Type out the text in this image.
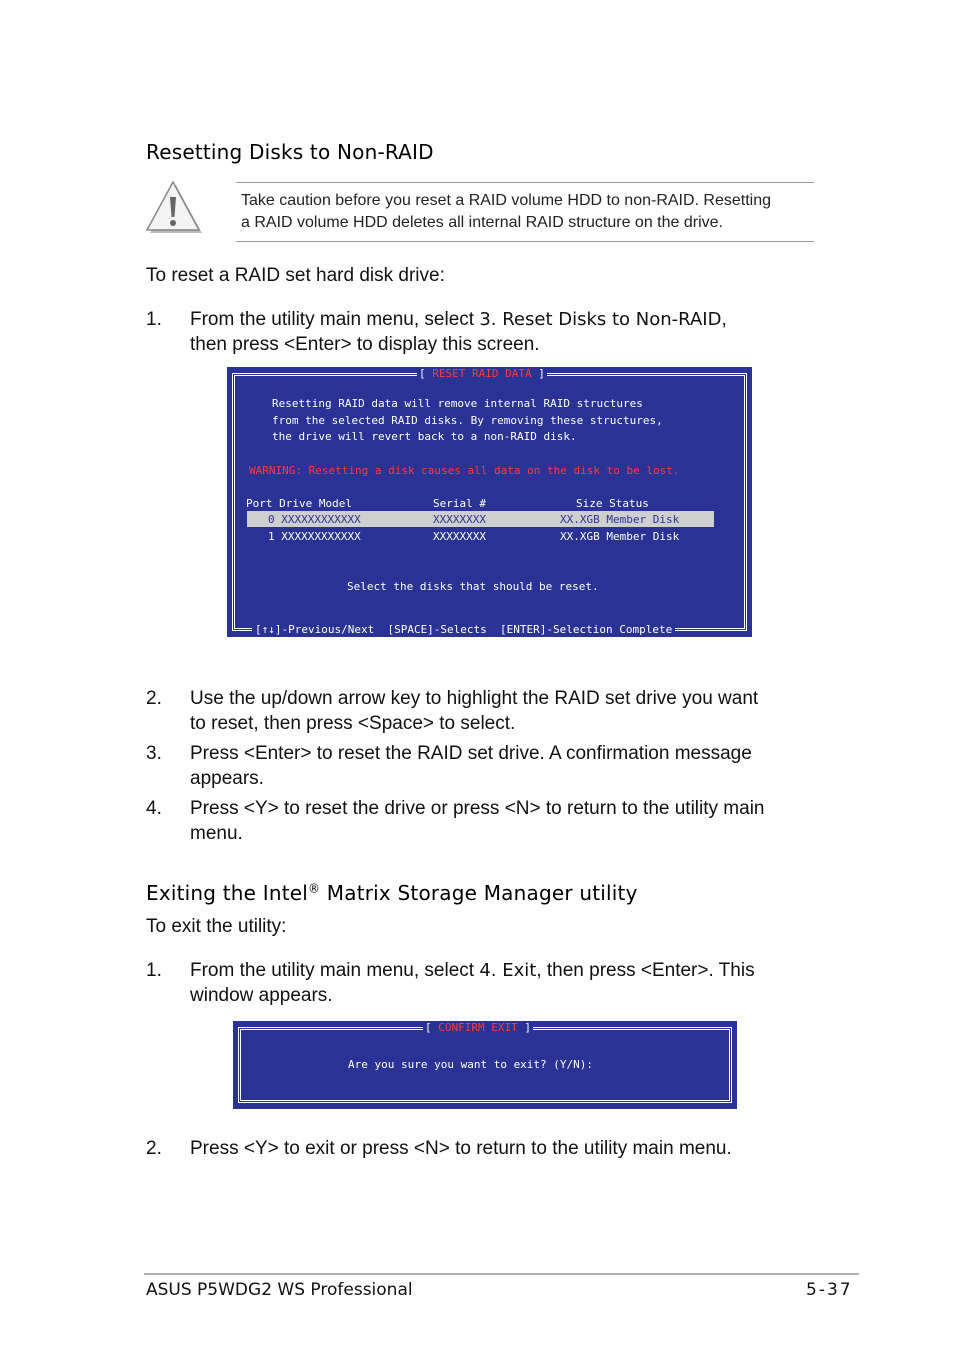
Resetting Disks to Non-RAID
Take caution before you reset a RAID volume HDD to non-RAID. Resetting
a RAID volume HDD deletes all internal RAID structure on the drive.
To reset a RAID set hard disk drive:
1. From the utility main menu, select 3. Reset Disks to Non-RAID,
then press <Enter> to display this screen.
[ RESET RAID DATA ]
Resetting RAID data will remove internal RAID structures
from the selected RAID disks. By removing these structures,
the drive will revert back to a non-RAID disk.
WARNING: Resetting a disk causes all data on the disk to be lost.
Port Drive Model	Serial #	Size Status
0 XXXXXXXXXXXX	XXXXXXXX	XX.XGB Member Disk
1 XXXXXXXXXXXX	XXXXXXXX	XX.XGB Member Disk
Select the disks that should be reset.
[↑↓]-Previous/Next  [SPACE]-Selects  [ENTER]-Selection Complete
2. Use the up/down arrow key to highlight the RAID set drive you want
to reset, then press <Space> to select.
3. Press <Enter> to reset the RAID set drive. A confirmation message
appears.
4. Press <Y> to reset the drive or press <N> to return to the utility main
menu.
Exiting the Intel® Matrix Storage Manager utility
To exit the utility:
1. From the utility main menu, select 4. Exit, then press <Enter>. This
window appears.
[ CONFIRM EXIT ]
Are you sure you want to exit? (Y/N):
2. Press <Y> to exit or press <N> to return to the utility main menu.
ASUS P5WDG2 WS Professional	5-37
